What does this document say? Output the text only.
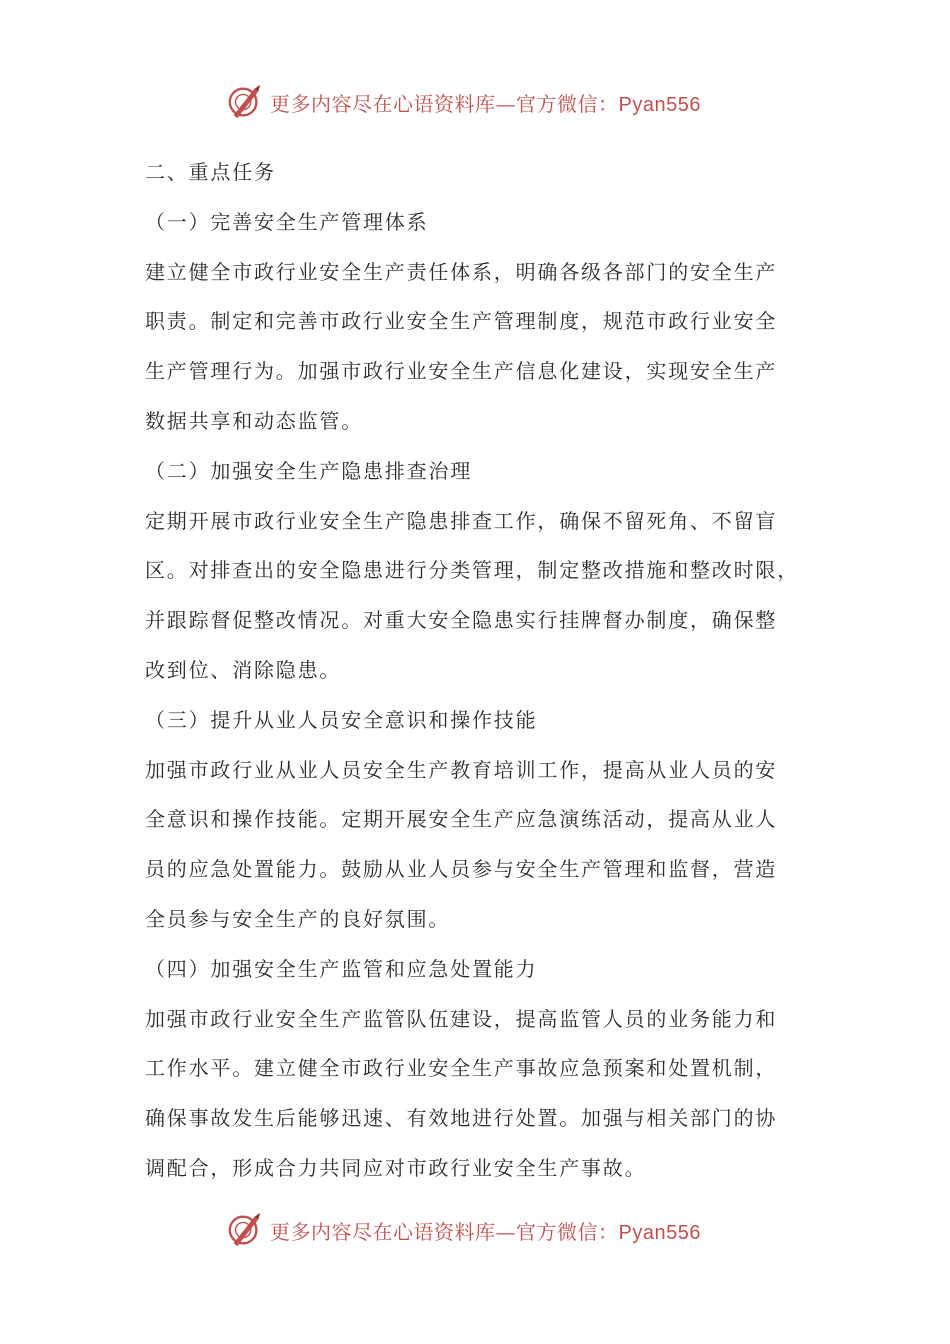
更多内容尽在心语资料库—官方微信：Pyan556
二、重点任务
（一）完善安全生产管理体系
建立健全市政行业安全生产责任体系，明确各级各部门的安全生产
职责。制定和完善市政行业安全生产管理制度，规范市政行业安全
生产管理行为。加强市政行业安全生产信息化建设，实现安全生产
数据共享和动态监管。
（二）加强安全生产隐患排查治理
定期开展市政行业安全生产隐患排查工作，确保不留死角、不留盲
区。对排查出的安全隐患进行分类管理，制定整改措施和整改时限，
并跟踪督促整改情况。对重大安全隐患实行挂牌督办制度，确保整
改到位、消除隐患。
（三）提升从业人员安全意识和操作技能
加强市政行业从业人员安全生产教育培训工作，提高从业人员的安
全意识和操作技能。定期开展安全生产应急演练活动，提高从业人
员的应急处置能力。鼓励从业人员参与安全生产管理和监督，营造
全员参与安全生产的良好氛围。
（四）加强安全生产监管和应急处置能力
加强市政行业安全生产监管队伍建设，提高监管人员的业务能力和
工作水平。建立健全市政行业安全生产事故应急预案和处置机制，
确保事故发生后能够迅速、有效地进行处置。加强与相关部门的协
调配合，形成合力共同应对市政行业安全生产事故。
更多内容尽在心语资料库—官方微信：Pyan556
